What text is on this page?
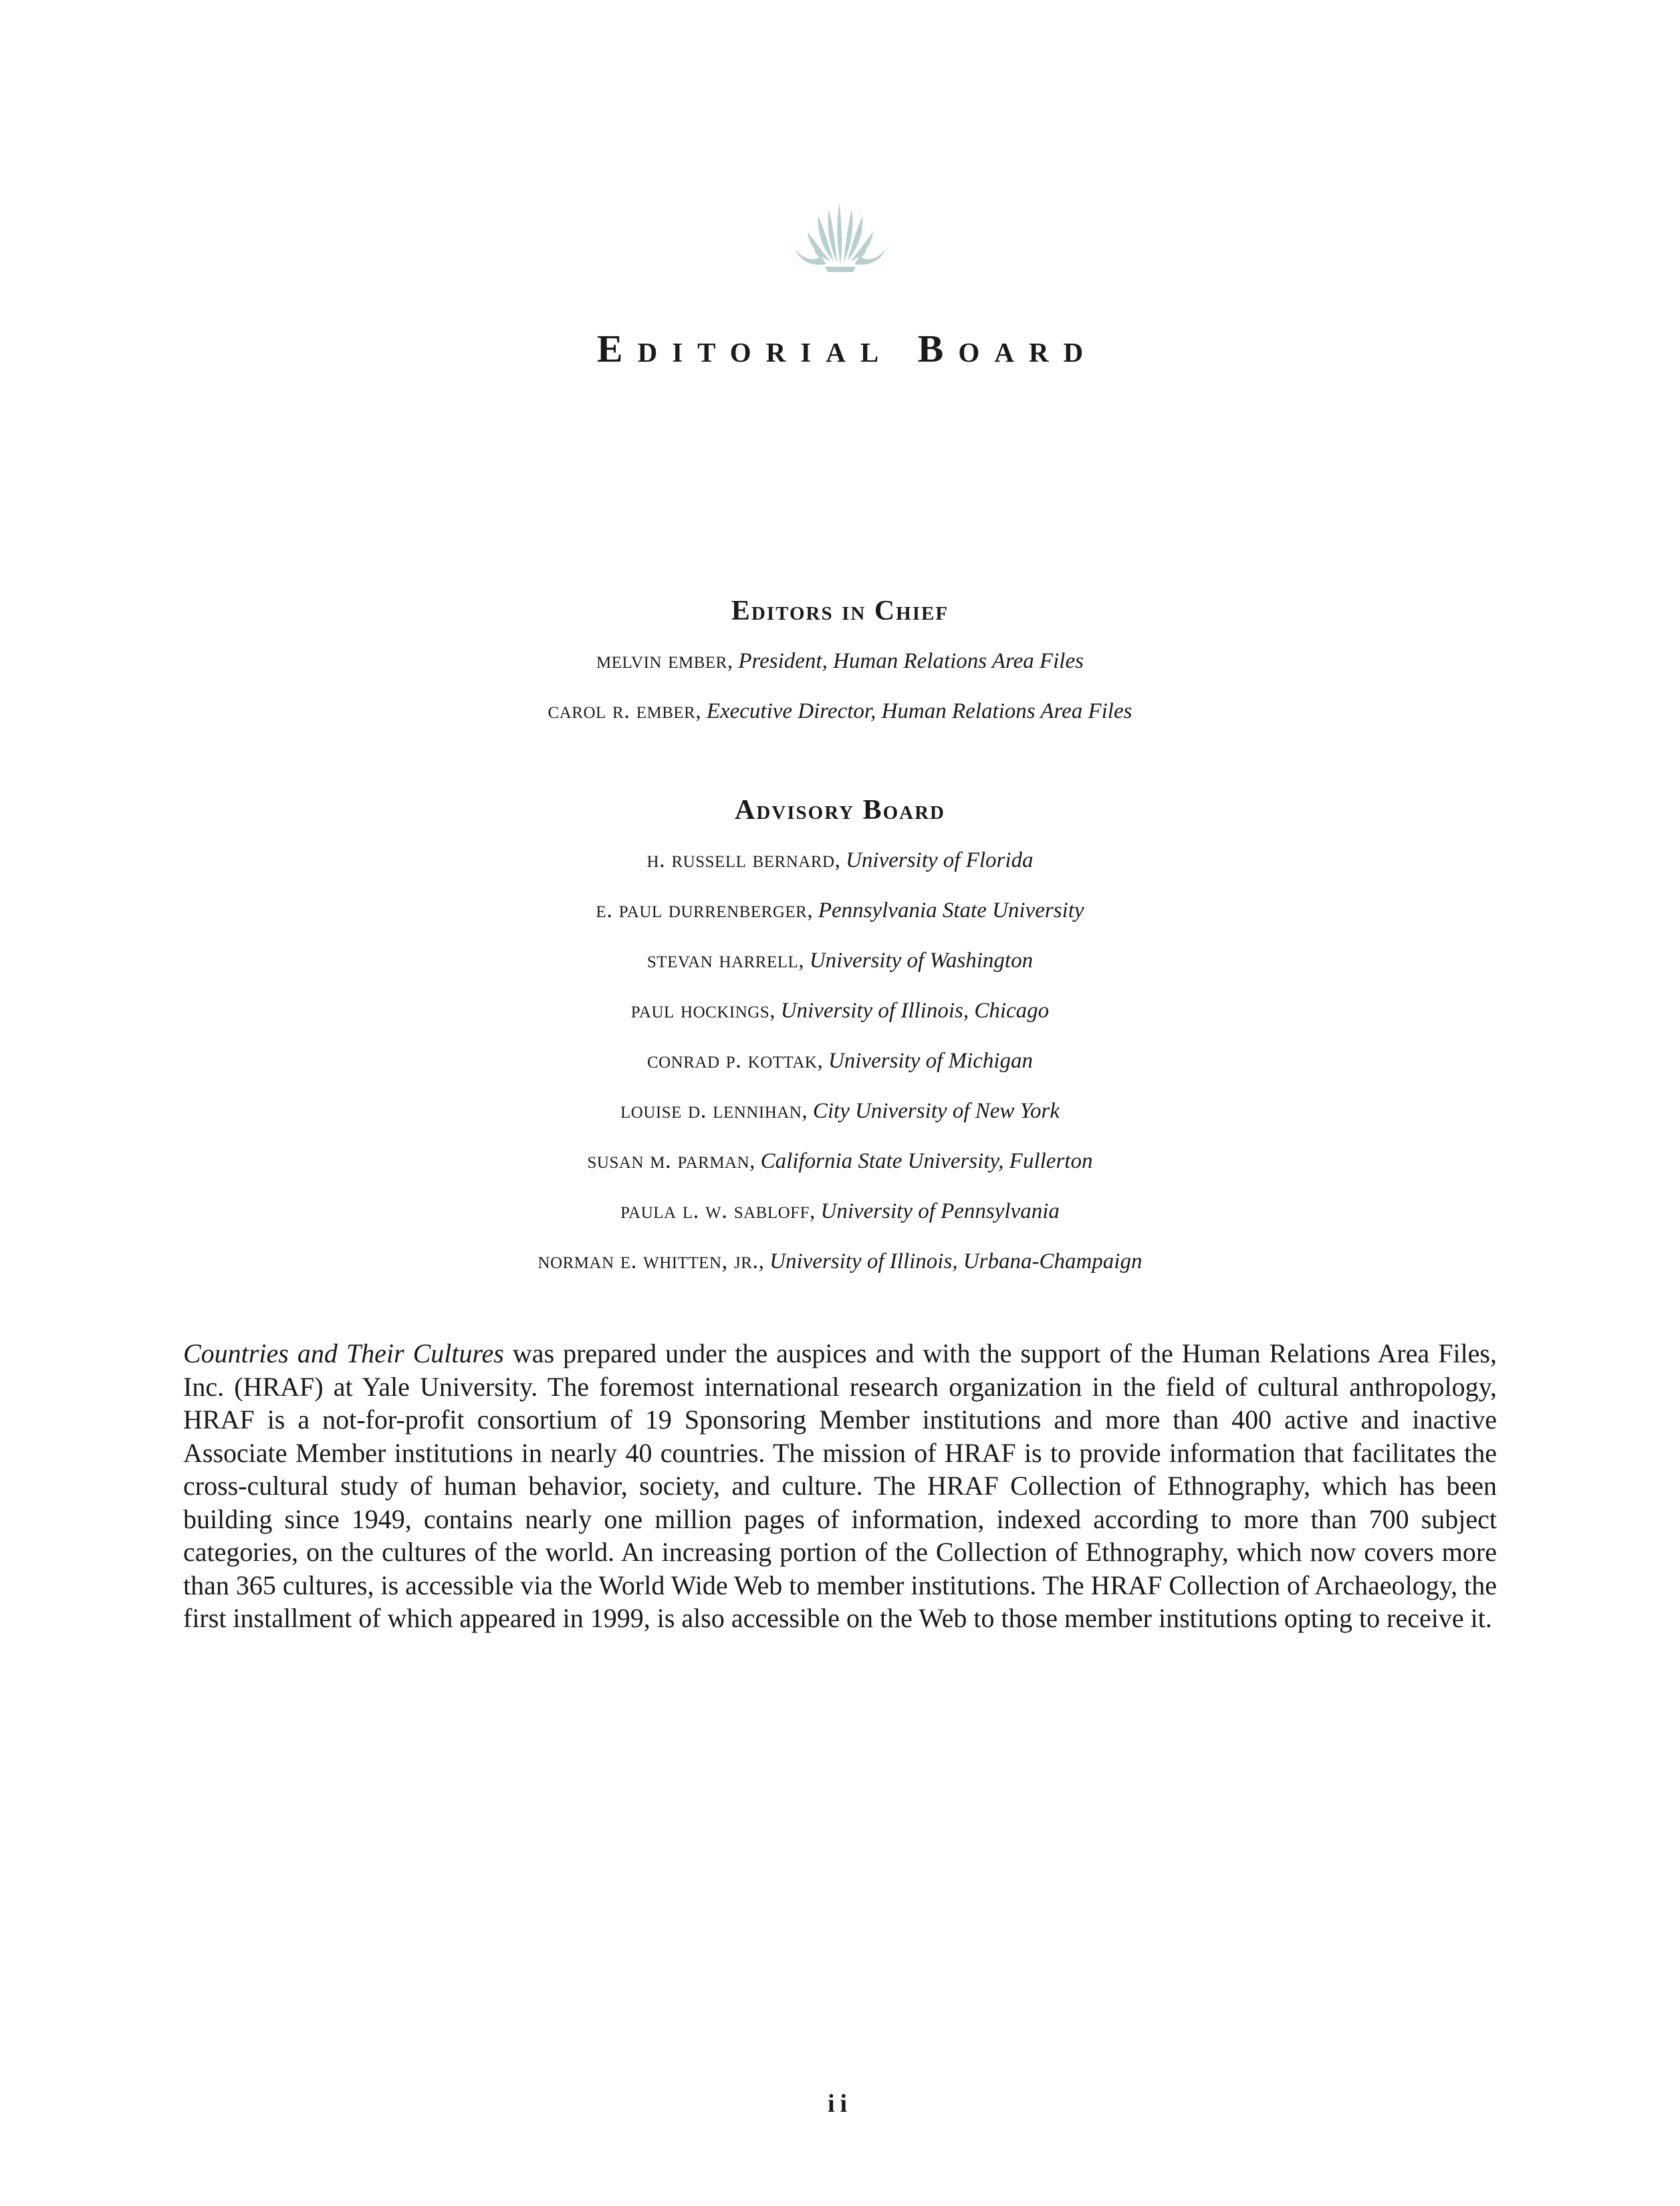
Editorial Board
Editors in Chief

melvin ember, President, Human Relations Area Files

carol r. ember, Executive Director, Human Relations Area Files

Advisory Board

h. russell bernard, University of Florida

e. paul durrenberger, Pennsylvania State University

stevan harrell, University of Washington

paul hockings, University of Illinois, Chicago

conrad p. kottak, University of Michigan

louise d. lennihan, City University of New York

susan m. parman, California State University, Fullerton

paula l. w. sabloff, University of Pennsylvania

norman e. whitten, jr., University of Illinois, Urbana-Champaign

Countries and Their Cultures was prepared under the auspices and with the support of the Human Relations Area Files, Inc. (HRAF) at Yale University. The foremost international research organization in the field of cultural anthropology, HRAF is a not-for-profit consortium of 19 Sponsoring Member institutions and more than 400 active and inactive Associate Member institutions in nearly 40 countries. The mission of HRAF is to provide information that facilitates the cross-cultural study of human behavior, society, and culture. The HRAF Collection of Ethnography, which has been building since 1949, contains nearly one million pages of information, indexed according to more than 700 subject categories, on the cultures of the world. An increasing portion of the Collection of Ethnography, which now covers more than 365 cultures, is accessible via the World Wide Web to member institutions. The HRAF Collection of Archaeology, the first installment of which appeared in 1999, is also accessible on the Web to those member institutions opting to receive it.

ii
